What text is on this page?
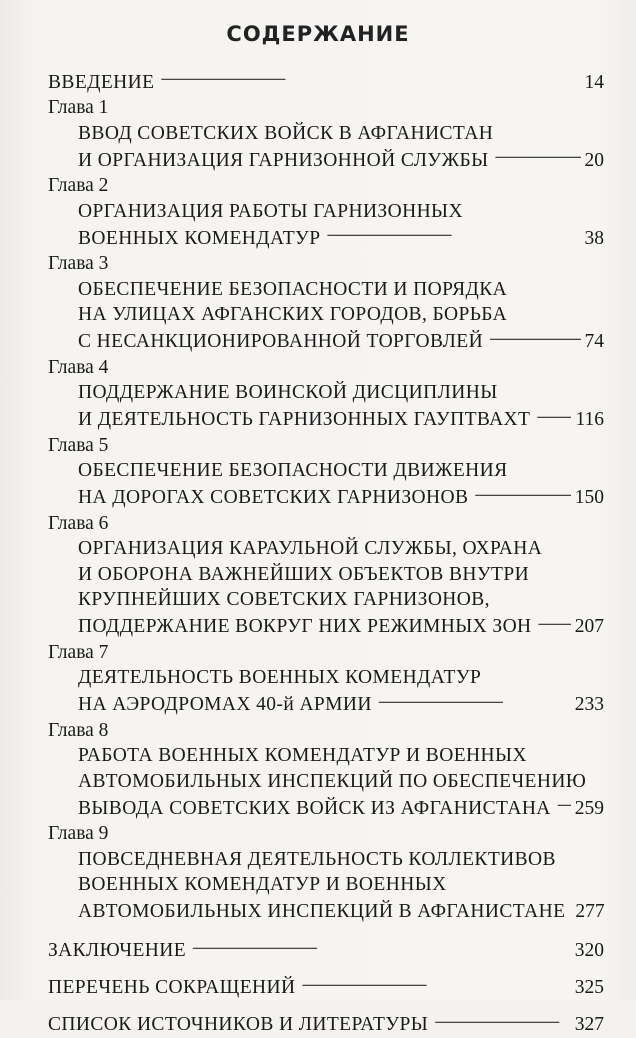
СОДЕРЖАНИЕ
ВВЕДЕНИЕ . . .	14
Глава 1
ВВОД СОВЕТСКИХ ВОЙСК В АФГАНИСТАН
И ОРГАНИЗАЦИЯ ГАРНИЗОННОЙ СЛУЖБЫ . . .	20
Глава 2
ОРГАНИЗАЦИЯ РАБОТЫ ГАРНИЗОННЫХ
ВОЕННЫХ КОМЕНДАТУР . . .	38
Глава 3
ОБЕСПЕЧЕНИЕ БЕЗОПАСНОСТИ И ПОРЯДКА
НА УЛИЦАХ АФГАНСКИХ ГОРОДОВ, БОРЬБА
С НЕСАНКЦИОНИРОВАННОЙ ТОРГОВЛЕЙ . . .	74
Глава 4
ПОДДЕРЖАНИЕ ВОИНСКОЙ ДИСЦИПЛИНЫ
И ДЕЯТЕЛЬНОСТЬ ГАРНИЗОННЫХ ГАУПТВАХТ . . . 116
Глава 5
ОБЕСПЕЧЕНИЕ БЕЗОПАСНОСТИ ДВИЖЕНИЯ
НА ДОРОГАХ СОВЕТСКИХ ГАРНИЗОНОВ . . .	150
Глава 6
ОРГАНИЗАЦИЯ КАРАУЛЬНОЙ СЛУЖБЫ, ОХРАНА
И ОБОРОНА ВАЖНЕЙШИХ ОБЪЕКТОВ ВНУТРИ
КРУПНЕЙШИХ СОВЕТСКИХ ГАРНИЗОНОВ,
ПОДДЕРЖАНИЕ ВОКРУГ НИХ РЕЖИМНЫХ ЗОН . . . 207
Глава 7
ДЕЯТЕЛЬНОСТЬ ВОЕННЫХ КОМЕНДАТУР
НА АЭРОДРОМАХ 40-й АРМИИ . . .	233
Глава 8
РАБОТА ВОЕННЫХ КОМЕНДАТУР И ВОЕННЫХ
АВТОМОБИЛЬНЫХ ИНСПЕКЦИЙ ПО ОБЕСПЕЧЕНИЮ
ВЫВОДА СОВЕТСКИХ ВОЙСК ИЗ АФГАНИСТАНА . . . 259
Глава 9
ПОВСЕДНЕВНАЯ ДЕЯТЕЛЬНОСТЬ КОЛЛЕКТИВОВ
ВОЕННЫХ КОМЕНДАТУР И ВОЕННЫХ
АВТОМОБИЛЬНЫХ ИНСПЕКЦИЙ В АФГАНИСТАНЕ 277
ЗАКЛЮЧЕНИЕ . . .	320
ПЕРЕЧЕНЬ СОКРАЩЕНИЙ . . .	325
СПИСОК ИСТОЧНИКОВ И ЛИТЕРАТУРЫ . . .	327
